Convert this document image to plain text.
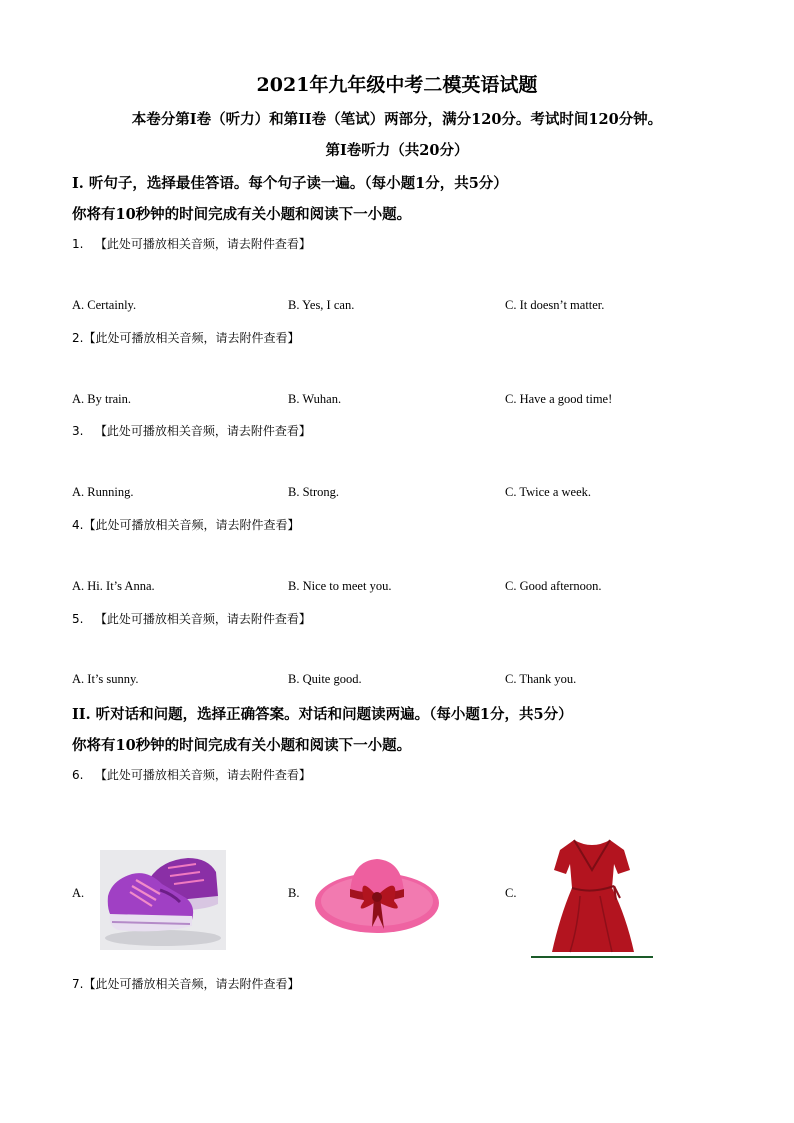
2021年九年级中考二模英语试题
本卷分第I卷（听力）和第II卷（笔试）两部分，满分120分。考试时间120分钟。
第I卷听力（共20分）
I. 听句子，选择最佳答语。每个句子读一遍。（每小题1分，共5分）
你将有10秒钟的时间完成有关小题和阅读下一小题。
1. 【此处可播放相关音频，请去附件查看】
A. Certainly.	B. Yes, I can.	C. It doesn’t matter.
2.【此处可播放相关音频，请去附件查看】
A. By train.	B. Wuhan.	C. Have a good time!
3. 【此处可播放相关音频，请去附件查看】
A. Running.	B. Strong.	C. Twice a week.
4.【此处可播放相关音频，请去附件查看】
A. Hi. It’s Anna.	B. Nice to meet you.	C. Good afternoon.
5. 【此处可播放相关音频，请去附件查看】
A. It’s sunny.	B. Quite good.	C. Thank you.
II. 听对话和问题，选择正确答案。对话和问题读两遍。（每小题1分，共5分）
你将有10秒钟的时间完成有关小题和阅读下一小题。
6. 【此处可播放相关音频，请去附件查看】
A.	B.	C.
7.【此处可播放相关音频，请去附件查看】
